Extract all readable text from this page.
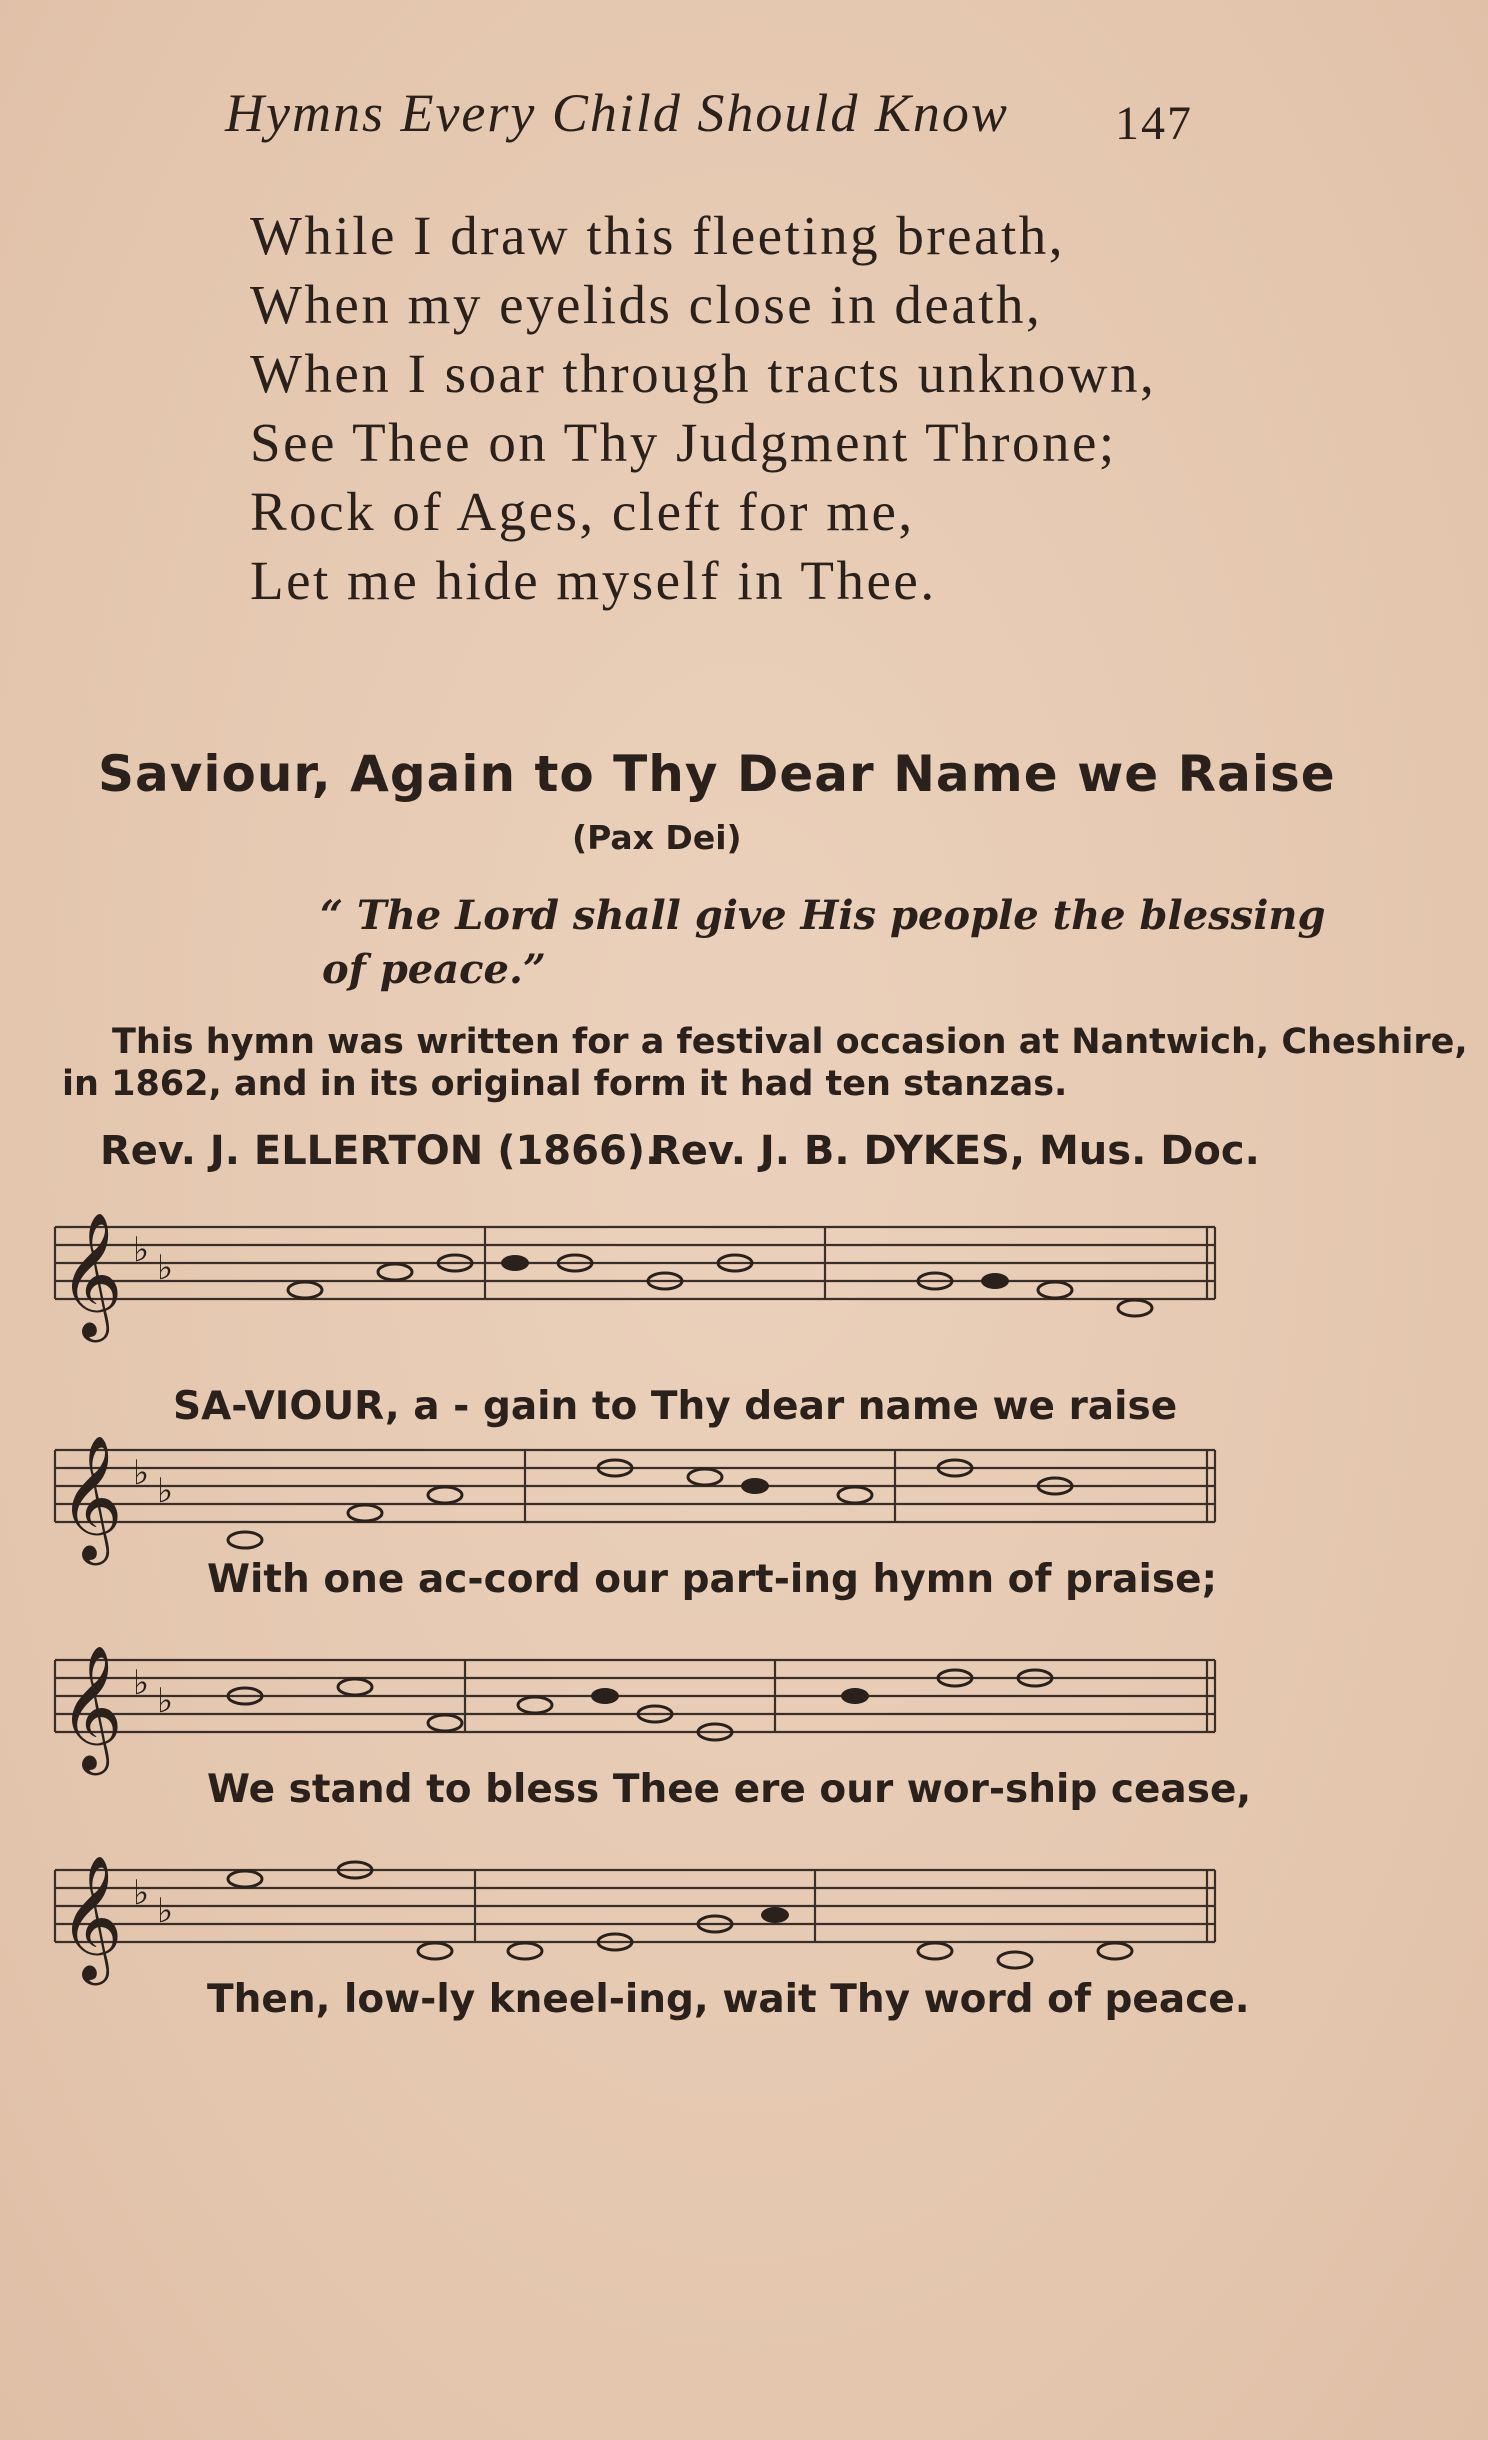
Hymns Every Child Should Know 147

While I draw this fleeting breath,

When my eyelids close in death,

When I soar through tracts unknown,

See Thee on Thy Judgment Throne;

Rock of Ages, cleft for me,

Let me hide myself in Thee.

Saviour, Again to Thy Dear Name we Raise
(Pax Dei)

“ The Lord shall give His people the blessing

of peace.”

This hymn was written for a festival occasion at Nantwich, Cheshire,

in 1862, and in its original form it had ten stanzas.

Rev. J. ELLERTON (1866).
Rev. J. B. DYKES, Mus. Doc.
𝄞 ♭ ♭
SA-VIOUR, a - gain to Thy dear name we raise
𝄞 ♭ ♭
With one ac-cord our part-ing hymn of praise;
𝄞 ♭ ♭
We stand to bless Thee ere our wor-ship cease,
𝄞 ♭ ♭
Then, low-ly kneel-ing, wait Thy word of peace.
